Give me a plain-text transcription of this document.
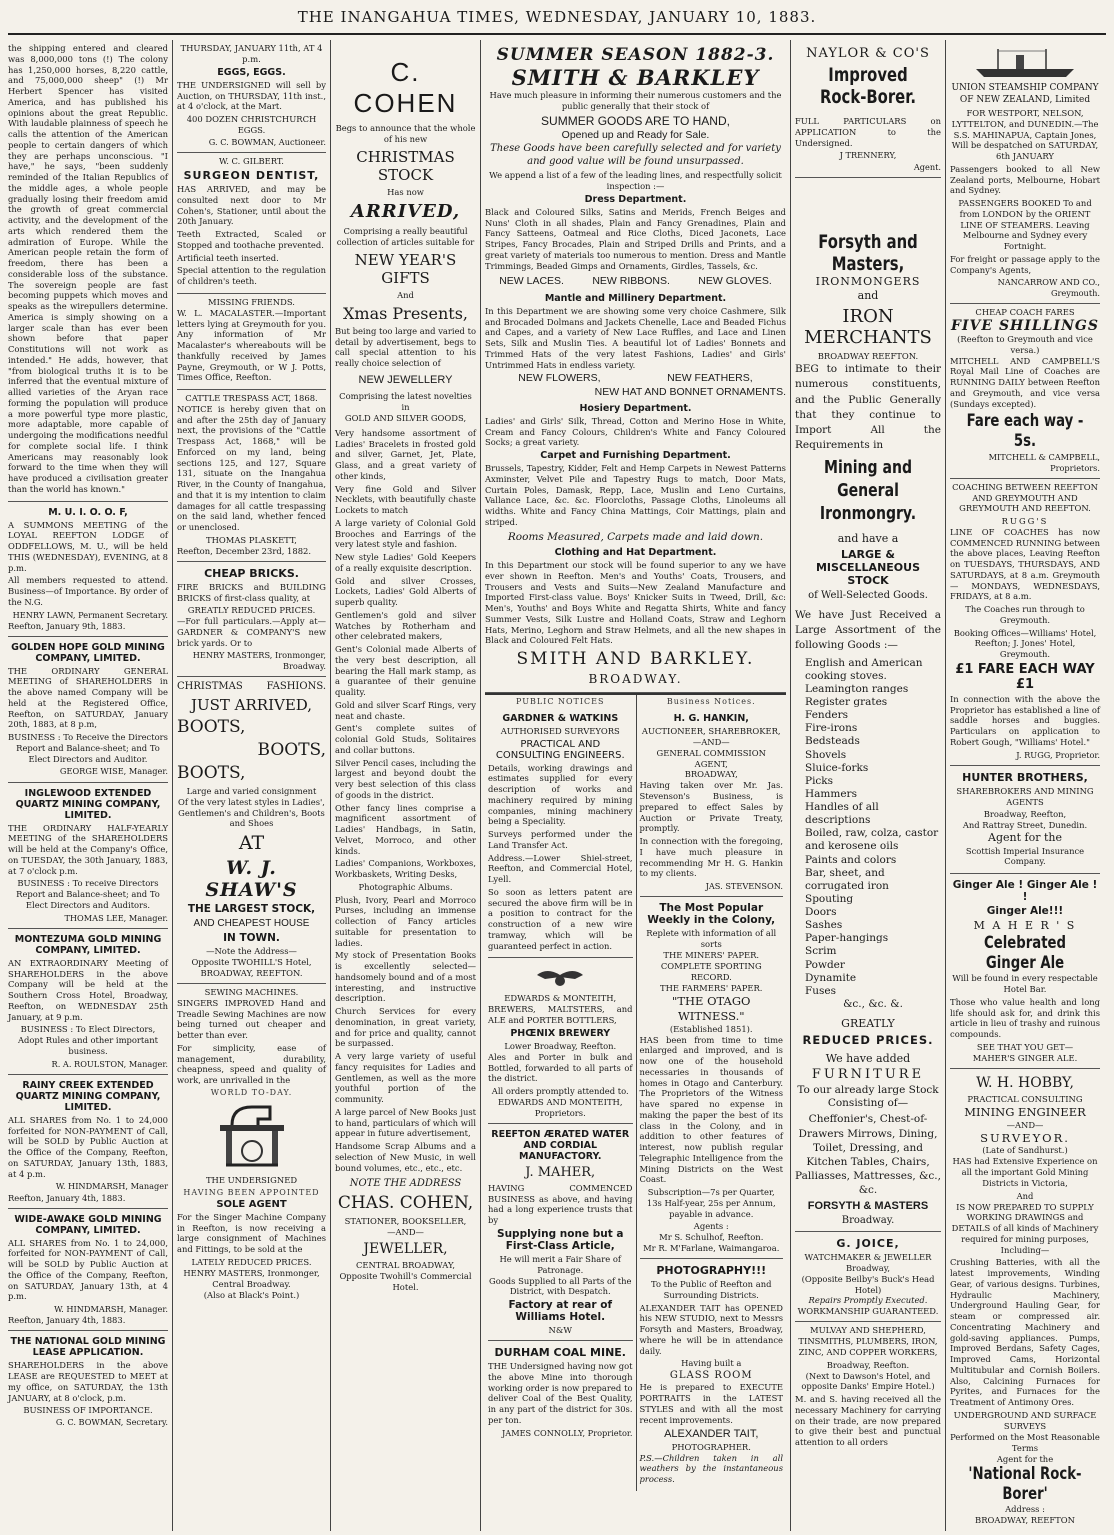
THE INANGAHUA TIMES, WEDNESDAY, JANUARY 10, 1883.

the shipping entered and cleared was 8,000,000 tons (!) The colony has 1,250,000 horses, 8,220 cattle, and 75,000,000 sheep" (!) Mr Herbert Spencer has visited America, and has published his opinions about the great Republic. With laudable plainness of speech he calls the attention of the American people to certain dangers of which they are perhaps unconscious. "I have," he says, "been suddenly reminded of the Italian Republics of the middle ages, a whole people gradually losing their freedom amid the growth of great commercial activity, and the development of the arts which rendered them the admiration of Europe. While the American people retain the form of freedom, there has been a considerable loss of the substance. The sovereign people are fast becoming puppets which moves and speaks as the wirepullers determine. America is simply showing on a larger scale than has ever been shown before that paper Constitutions will not work as intended." He adds, however, that "from biological truths it is to be inferred that the eventual mixture of allied varieties of the Aryan race forming the population will produce a more powerful type more plastic, more adaptable, more capable of undergoing the modifications needful for complete social life. I think Americans may reasonably look forward to the time when they will have produced a civilisation greater than the world has known."

M. U. I. O. O. F,

A SUMMONS MEETING of the LOYAL REEFTON LODGE of ODDFELLOWS, M. U., will be held THIS (WEDNESDAY), EVENING, at 8 p.m.

All members requested to attend. Business—of Importance. By order of the N.G.

HENRY LAWN, Permanent Secretary.
Reefton, January 9th, 1883.
GOLDEN HOPE GOLD MINING COMPANY, LIMITED.

THE ORDINARY GENERAL MEETING of SHAREHOLDERS in the above named Company will be held at the Registered Office, Reefton, on SATURDAY, January 20th, 1883, at 8 p.m,

BUSINESS : To Receive the Directors Report and Balance-sheet; and To Elect Directors and Auditor.

GEORGE WISE, Manager.
INGLEWOOD EXTENDED QUARTZ MINING COMPANY, LIMITED.

THE ORDINARY HALF-YEARLY MEETING of the SHAREHOLDERS will be held at the Company's Office, on TUESDAY, the 30th January, 1883, at 7 o'clock p.m.

BUSINESS : To receive Directors Report and Balance-sheet; and To Elect Directors and Auditors.

THOMAS LEE, Manager.
MONTEZUMA GOLD MINING COMPANY, LIMITED.

AN EXTRAORDINARY Meeting of SHAREHOLDERS in the above Company will be held at the Southern Cross Hotel, Broadway, Reefton, on WEDNESDAY 25th January, at 9 p.m.

BUSINESS : To Elect Directors, Adopt Rules and other important business.

R. A. ROULSTON, Manager.
RAINY CREEK EXTENDED QUARTZ MINING COMPANY, LIMITED.

ALL SHARES from No. 1 to 24,000 forfeited for NON-PAYMENT of Call, will be SOLD by Public Auction at the Office of the Company, Reefton, on SATURDAY, January 13th, 1883, at 4 p.m.

W. HINDMARSH, Manager
Reefton, January 4th, 1883.
WIDE-AWAKE GOLD MINING COMPANY, LIMITED.

ALL SHARES from No. 1 to 24,000, forfeited for NON-PAYMENT of Call, will be SOLD by Public Auction at the Office of the Company, Reefton, on SATURDAY, January 13th, at 4 p.m.

W. HINDMARSH, Manager.
Reefton, January 4th, 1883.
THE NATIONAL GOLD MINING LEASE APPLICATION.

SHAREHOLDERS in the above LEASE are REQUESTED to MEET at my office, on SATURDAY, the 13th JANUARY, at 8 o'clock, p.m.

BUSINESS OF IMPORTANCE.
G. C. BOWMAN, Secretary.
THURSDAY, JANUARY 11th, AT 4 p.m.
EGGS, EGGS.

THE UNDERSIGNED will sell by Auction, on THURSDAY, 11th inst., at 4 o'clock, at the Mart.

400 DOZEN CHRISTCHURCH EGGS.
G. C. BOWMAN, Auctioneer.
W. C. GILBERT.
SURGEON DENTIST,

HAS ARRIVED, and may be consulted next door to Mr Cohen's, Stationer, until about the 20th January.

Teeth Extracted, Scaled or Stopped and toothache prevented.

Artificial teeth inserted.

Special attention to the regulation of children's teeth.

MISSING FRIENDS.

W. L. MACALASTER.—Important letters lying at Greymouth for you. Any information of Mr Macalaster's whereabouts will be thankfully received by James Payne, Greymouth, or W J. Potts, Times Office, Reefton.

CATTLE TRESPASS ACT, 1868.

NOTICE is hereby given that on and after the 25th day of January next, the provisions of the "Cattle Trespass Act, 1868," will be Enforced on my land, being sections 125, and 127, Square 131, situate on the Inangahua River, in the County of Inangahua, and that it is my intention to claim damages for all cattle trespassing on the said land, whether fenced or unenclosed.

THOMAS PLASKETT,
Reefton, December 23rd, 1882.
CHEAP BRICKS.

FIRE BRICKS and BUILDING BRICKS of first-class quality, at

GREATLY REDUCED PRICES.

—For full particulars.—Apply at—GARDNER & COMPANY'S new brick yards. Or to

HENRY MASTERS, Ironmonger, Broadway.
CHRISTMAS FASHIONS.
JUST ARRIVED,
BOOTS,
BOOTS,
BOOTS,
Large and varied consignment

Of the very latest styles in Ladies', Gentlemen's and Children's, Boots and Shoes

AT
W. J. SHAW'S
THE LARGEST STOCK,
AND CHEAPEST HOUSE
IN TOWN.
—Note the Address—
Opposite TWOHILL'S Hotel,
BROADWAY, REEFTON.
SEWING MACHINES.

SINGERS IMPROVED Hand and Treadle Sewing Machines are now being turned out cheaper and better than ever.

For simplicity, ease of management, durability, cheapness, speed and quality of work, are unrivalled in the

WORLD TO-DAY.
THE UNDERSIGNED
HAVING BEEN APPOINTED
SOLE AGENT

For the Singer Machine Company in Reefton, is now receiving a large consignment of Machines and Fittings, to be sold at the

LATELY REDUCED PRICES.
HENRY MASTERS, Ironmonger, Central Broadway.
(Also at Black's Point.)
C. COHEN

Begs to announce that the whole of his new

CHRISTMAS STOCK
Has now
ARRIVED,

Comprising a really beautiful collection of articles suitable for

NEW YEAR'S GIFTS
And
Xmas Presents,

But being too large and varied to detail by advertisement, begs to call special attention to his really choice selection of

NEW JEWELLERY
Comprising the latest novelties in
GOLD AND SILVER GOODS,

Very handsome assortment of Ladies' Bracelets in frosted gold and silver, Garnet, Jet, Plate, Glass, and a great variety of other kinds,

Very fine Gold and Silver Necklets, with beautifully chaste Lockets to match

A large variety of Colonial Gold Brooches and Earrings of the very latest style and fashion.

New style Ladies' Gold Keepers of a really exquisite description.

Gold and silver Crosses, Lockets, Ladies' Gold Alberts of superb quality.

Gentlemen's gold and silver Watches by Rotherham and other celebrated makers,

Gent's Colonial made Alberts of the very best description, all bearing the Hall mark stamp, as a guarantee of their genuine quality.

Gold and silver Scarf Rings, very neat and chaste.

Gent's complete suites of colonial Gold Studs, Solitaires and collar buttons.

Silver Pencil cases, including the largest and beyond doubt the very best selection of this class of goods in the district.

Other fancy lines comprise a magnificent assortment of Ladies' Handbags, in Satin, Velvet, Morroco, and other kinds.

Ladies' Companions, Workboxes, Workbaskets, Writing Desks,

Photographic Albums.

Plush, Ivory, Pearl and Morroco Purses, including an immense collection of Fancy articles suitable for presentation to ladies.

My stock of Presentation Books is excellently selected—handsomely bound and of a most interesting, and instructive description.

Church Services for every denomination, in great variety, and for price and quality, cannot be surpassed.

A very large variety of useful fancy requisites for Ladies and Gentlemen, as well as the more youthful portion of the community.

A large parcel of New Books just to hand, particulars of which will appear in future advertisement,

Handsome Scrap Albums and a selection of New Music, in well bound volumes, etc., etc., etc.

NOTE THE ADDRESS
CHAS. COHEN,
STATIONER, BOOKSELLER,
—AND—
JEWELLER,
CENTRAL BROADWAY,
Opposite Twohill's Commercial Hotel.
SUMMER SEASON 1882-3.
SMITH & BARKLEY

Have much pleasure in informing their numerous customers and the public generally that their stock of

SUMMER GOODS ARE TO HAND,
Opened up and Ready for Sale.

These Goods have been carefully selected and for variety and good value will be found unsurpassed.

We append a list of a few of the leading lines, and respectfully solicit inspection :—

Dress Department.

Black and Coloured Silks, Satins and Merids, French Beiges and Nuns' Cloth in all shades, Plain and Fancy Grenadines, Plain and Fancy Satteens, Oatmeal and Rice Cloths, Diced Jaconets, Lace Stripes, Fancy Brocades, Plain and Striped Drills and Prints, and a great variety of materials too numerous to mention. Dress and Mantle Trimmings, Beaded Gimps and Ornaments, Girdles, Tassels, &c.

NEW LACES.	NEW RIBBONS.	NEW GLOVES.
Mantle and Millinery Department.

In this Department we are showing some very choice Cashmere, Silk and Brocaded Dolmans and Jackets Chenelle, Lace and Beaded Fichus and Capes, and a variety of New Lace Ruffles, and Lace and Linen Sets, Silk and Muslin Ties. A beautiful lot of Ladies' Bonnets and Trimmed Hats of the very latest Fashions, Ladies' and Girls' Untrimmed Hats in endless variety.

NEW FLOWERS,	NEW FEATHERS,
NEW HAT AND BONNET ORNAMENTS.
Hosiery Department.

Ladies' and Girls' Silk, Thread, Cotton and Merino Hose in White, Cream and Fancy Colours, Children's White and Fancy Coloured Socks; a great variety.

Carpet and Furnishing Department.

Brussels, Tapestry, Kidder, Felt and Hemp Carpets in Newest Patterns Axminster, Velvet Pile and Tapestry Rugs to match, Door Mats, Curtain Poles, Damask, Repp, Lace, Muslin and Leno Curtains, Vallance Lace, &c. &c. Floorcloths, Passage Cloths, Linoleums all widths. White and Fancy China Mattings, Coir Mattings, plain and striped.

Rooms Measured, Carpets made and laid down.
Clothing and Hat Department.

In this Department our stock will be found superior to any we have ever shown in Reefton. Men's and Youths' Coats, Trousers, and Trousers and Vests and Suits—New Zealand Manufacture and Imported First-class value. Boys' Knicker Suits in Tweed, Drill, &c: Men's, Youths' and Boys White and Regatta Shirts, White and fancy Summer Vests, Silk Lustre and Holland Coats, Straw and Leghorn Hats, Merino, Leghorn and Straw Helmets, and all the new shapes in Black and Coloured Felt Hats.

SMITH AND BARKLEY.
BROADWAY.
PUBLIC NOTICES
GARDNER & WATKINS
AUTHORISED SURVEYORS
PRACTICAL AND CONSULTING ENGINEERS.

Details, working drawings and estimates supplied for every description of works and machinery required by mining companies, mining machinery being a Speciality.

Surveys performed under the Land Transfer Act.

Address.—Lower Shiel-street, Reefton, and Commercial Hotel, Lyell.

So soon as letters patent are secured the above firm will be in a position to contract for the construction of a new wire tramway, which will be guaranteed perfect in action.

EDWARDS & MONTEITH,

BREWERS, MALTSTERS, and ALE and PORTER BOTTLERS,

PHŒNIX BREWERY
Lower Broadway, Reefton.

Ales and Porter in bulk and Bottled, forwarded to all parts of the district.

All orders promptly attended to.
EDWARDS AND MONTEITH, Proprietors.
REEFTON ÆRATED WATER AND CORDIAL MANUFACTORY.
J. MAHER,

HAVING COMMENCED BUSINESS as above, and having had a long experience trusts that by

Supplying none but a First-Class Article,
He will merit a Fair Share of Patronage.

Goods Supplied to all Parts of the District, with Despatch.

Factory at rear of Williams Hotel.
N&W
DURHAM COAL MINE.

THE Undersigned having now got the above Mine into thorough working order is now prepared to deliver Coal of the Best Quality, in any part of the district for 30s. per ton.

JAMES CONNOLLY, Proprietor.
Business Notices.
H. G. HANKIN,
AUCTIONEER, SHAREBROKER,
—AND—
GENERAL COMMISSION AGENT,
BROADWAY,

Having taken over Mr. Jas. Stevenson's Business, is prepared to effect Sales by Auction or Private Treaty, promptly.

In connection with the foregoing, I have much pleasure in recommending Mr H. G. Hankin to my clients.

JAS. STEVENSON.
The Most Popular Weekly in the Colony,
Replete with information of all sorts
THE MINERS' PAPER.
COMPLETE SPORTING RECORD.
THE FARMERS' PAPER.
"THE OTAGO WITNESS."
(Established 1851).

HAS been from time to time enlarged and improved, and is now one of the household necessaries in thousands of homes in Otago and Canterbury. The Proprietors of the Witness have spared no expense in making the paper the best of its class in the Colony, and in addition to other features of interest, now publish regular Telegraphic Intelligence from the Mining Districts on the West Coast.

Subscription—7s per Quarter, 13s Half-year, 25s per Annum, payable in advance.

Agents :
Mr S. Schulhof, Reefton.
Mr R. M'Farlane, Waimangaroa.
PHOTOGRAPHY!!!

To the Public of Reefton and Surrounding Districts.

ALEXANDER TAIT has OPENED his NEW STUDIO, next to Messrs Forsyth and Masters, Broadway, where he will be in attendance daily.

Having built a
GLASS ROOM

He is prepared to EXECUTE PORTRAITS in the LATEST STYLES and with all the most recent improvements.

ALEXANDER TAIT,
PHOTOGRAPHER.

P.S.—Children taken in all weathers by the instantaneous process.

NAYLOR & CO'S
Improved Rock-Borer.

FULL PARTICULARS on APPLICATION to the Undersigned.

J TRENNERY,
Agent.
Forsyth and Masters,
IRONMONGERS
and
IRON MERCHANTS
BROADWAY REEFTON.

BEG to intimate to their numerous constituents, and the Public Generally that they continue to Import All the Requirements in

Mining and General Ironmongry.
and have a
LARGE & MISCELLANEOUS STOCK
of Well-Selected Goods.

We have Just Received a Large Assortment of the following Goods :—

English and American cooking stoves.
Leamington ranges
Register grates
Fenders
Fire-irons
Bedsteads
Shovels
Sluice-forks
Picks
Hammers
Handles of all descriptions
Boiled, raw, colza, castor and kerosene oils
Paints and colors
Bar, sheet, and corrugated iron
Spouting
Doors
Sashes
Paper-hangings
Scrim
Powder
Dynamite
Fuses
&c., &c. &.
GREATLY
REDUCED PRICES.
We have added
FURNITURE

To our already large Stock Consisting of—

Cheffonier's, Chest-of-Drawers Mirrows, Dining, Toilet, Dressing, and Kitchen Tables, Chairs, Palliasses, Mattresses, &c., &c.

FORSYTH & MASTERS
Broadway.
G. JOICE,
WATCHMAKER & JEWELLER
Broadway,
(Opposite Beilby's Buck's Head Hotel)
Repairs Promptly Executed.
WORKMANSHIP GUARANTEED.
MULVAY AND SHEPHERD,

TINSMITHS, PLUMBERS, IRON, ZINC, AND COPPER WORKERS,

Broadway, Reefton.

(Next to Dawson's Hotel, and opposite Danks' Empire Hotel.)

M. and S. having received all the necessary Machinery for carrying on their trade, are now prepared to give their best and punctual attention to all orders

UNION STEAMSHIP COMPANY OF NEW ZEALAND, Limited

FOR WESTPORT, NELSON, LYTTELTON, and DUNEDIN.—The S.S. MAHINAPUA, Captain Jones, Will be despatched on SATURDAY, 6th JANUARY

Passengers booked to all New Zealand ports, Melbourne, Hobart and Sydney.

PASSENGERS BOOKED To and from LONDON by the ORIENT LINE OF STEAMERS. Leaving Melbourne and Sydney every Fortnight.

For freight or passage apply to the Company's Agents,

NANCARROW AND CO., Greymouth.
CHEAP COACH FARES
FIVE SHILLINGS
(Reefton to Greymouth and vice versa.)

MITCHELL AND CAMPBELL'S Royal Mail Line of Coaches are RUNNING DAILY between Reefton and Greymouth, and vice versa (Sundays excepted).

Fare each way - 5s.
MITCHELL & CAMPBELL, Proprietors.

COACHING BETWEEN REEFTON AND GREYMOUTH AND GREYMOUTH AND REEFTON.

RUGG'S

LINE OF COACHES has now COMMENCED RUNNING between the above places, Leaving Reefton on TUESDAYS, THURSDAYS, AND SATURDAYS, at 8 a.m. Greymouth— MONDAYS, WEDNESDAYS, FRIDAYS, at 8 a.m.

The Coaches run through to Greymouth.

Booking Offices—Williams' Hotel, Reefton; J. Jones' Hotel, Greymouth.

£1 FARE EACH WAY £1

In connection with the above the Proprietor has established a line of saddle horses and buggies. Particulars on application to Robert Gough, "Williams' Hotel."

J. RUGG, Proprietor.
HUNTER BROTHERS,

SHAREBROKERS AND MINING AGENTS

Broadway, Reefton,
And Rattray Street, Dunedin.
Agent for the

Scottish Imperial Insurance Company.

Ginger Ale ! Ginger Ale ! !
Ginger Ale!!!
M A H E R ' S
Celebrated Ginger Ale

Will be found in every respectable Hotel Bar.

Those who value health and long life should ask for, and drink this article in lieu of trashy and ruinous compounds.

SEE THAT YOU GET—
MAHER'S GINGER ALE.
W. H. HOBBY,
PRACTICAL CONSULTING
MINING ENGINEER
—AND—
SURVEYOR.
(Late of Sandhurst.)

HAS had Extensive Experience on all the important Gold Mining Districts in Victoria,

And

IS NOW PREPARED TO SUPPLY WORKING DRAWINGS and DETAILS of all kinds of Machinery required for mining purposes, Including—

Crushing Batteries, with all the latest improvements, Winding Gear, of various designs. Turbines, Hydraulic Machinery, Underground Hauling Gear, for steam or compressed air. Concentrating Machinery and gold-saving appliances. Pumps, Improved Berdans, Safety Cages, Improved Cams, Horizontal Multitubular and Cornish Boilers. Also, Calcining Furnaces for Pyrites, and Furnaces for the Treatment of Antimony Ores.

UNDERGROUND AND SURFACE SURVEYS
Performed on the Most Reasonable Terms
Agent for the
'National Rock-Borer'
Address :
BROADWAY, REEFTON
